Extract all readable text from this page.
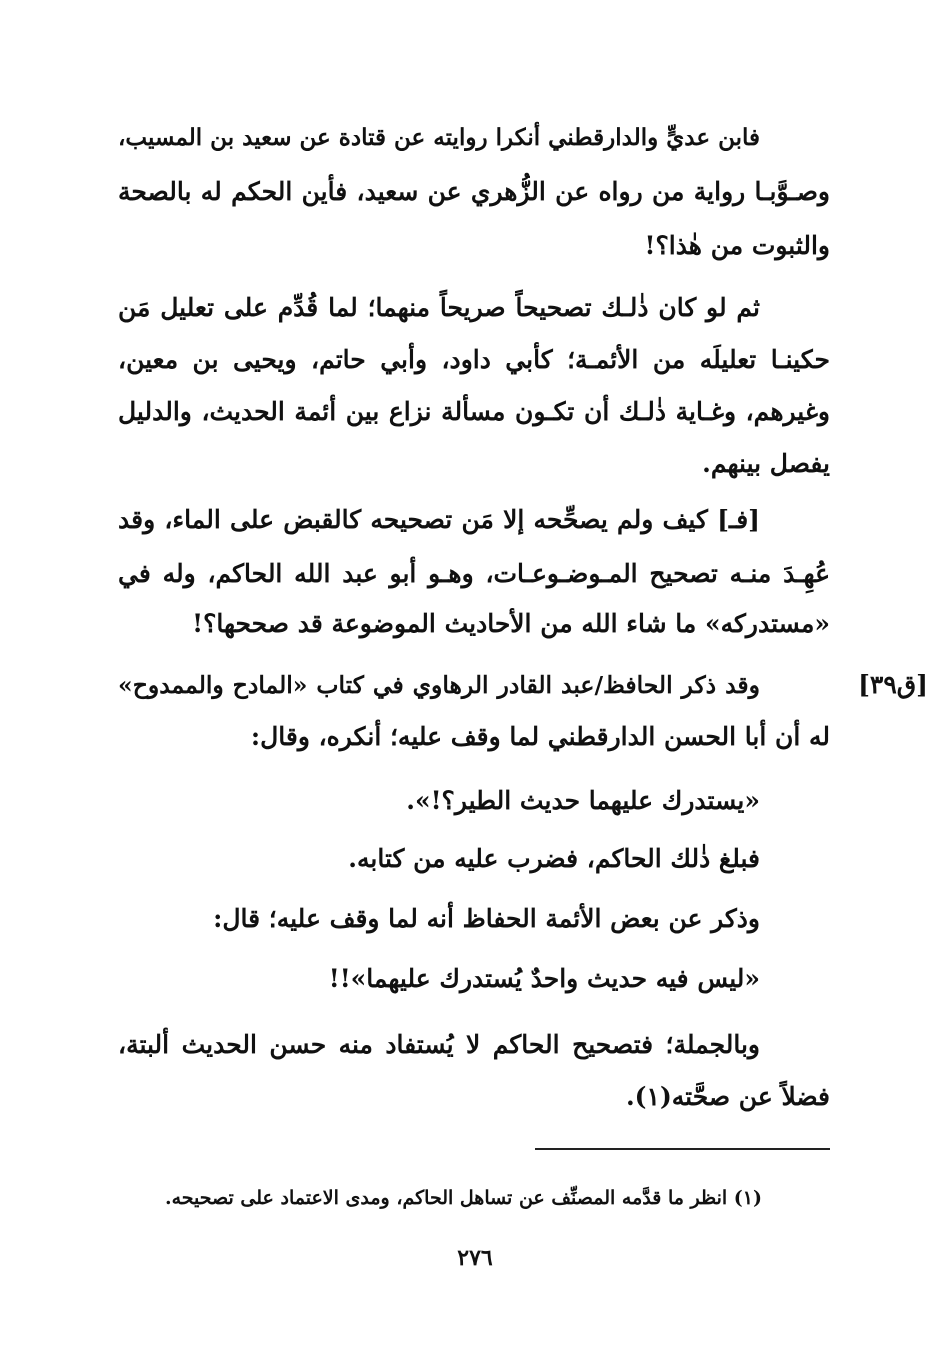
فابن عديٍّ والدارقطني أنكرا روايته عن قتادة عن سعيد بن المسيب،
وصـوَّبـا رواية من رواه عن الزُّهري عن سعيد، فأين الحكم له بالصحة
والثبوت من هٰذا؟!
ثم لو كان ذٰلـك تصحيحاً صريحاً منهما؛ لما قُدِّم على تعليل مَن
حكينـا تعليلَه من الأئمـة؛ كأبي داود، وأبي حاتم، ويحيى بن معين،
وغيرهم، وغـاية ذٰلـك أن تكـون مسألة نزاع بين أئمة الحديث، والدليل
يفصل بينهم.
[فـ] كيف ولم يصحِّحه إلا مَن تصحيحه كالقبض على الماء، وقد
عُهِـدَ منـه تصحيح المـوضـوعـات، وهـو أبو عبد الله الحاكم، وله في
«مستدركه» ما شاء الله من الأحاديث الموضوعة قد صححها؟!
[ق٣٩]
وقد ذكر الحافظ/عبد القادر الرهاوي في كتاب «المادح والممدوح»
له أن أبا الحسن الدارقطني لما وقف عليه؛ أنكره، وقال:
«يستدرك عليهما حديث الطير؟!».
فبلغ ذٰلك الحاكم، فضرب عليه من كتابه.
وذكر عن بعض الأئمة الحفاظ أنه لما وقف عليه؛ قال:
«ليس فيه حديث واحدٌ يُستدرك عليهما»!!
وبالجملة؛ فتصحيح الحاكم لا يُستفاد منه حسن الحديث ألبتة،
فضلاً عن صحَّته(١).
(١) انظر ما قدَّمه المصنِّف عن تساهل الحاكم، ومدى الاعتماد على تصحيحه.
٢٧٦
